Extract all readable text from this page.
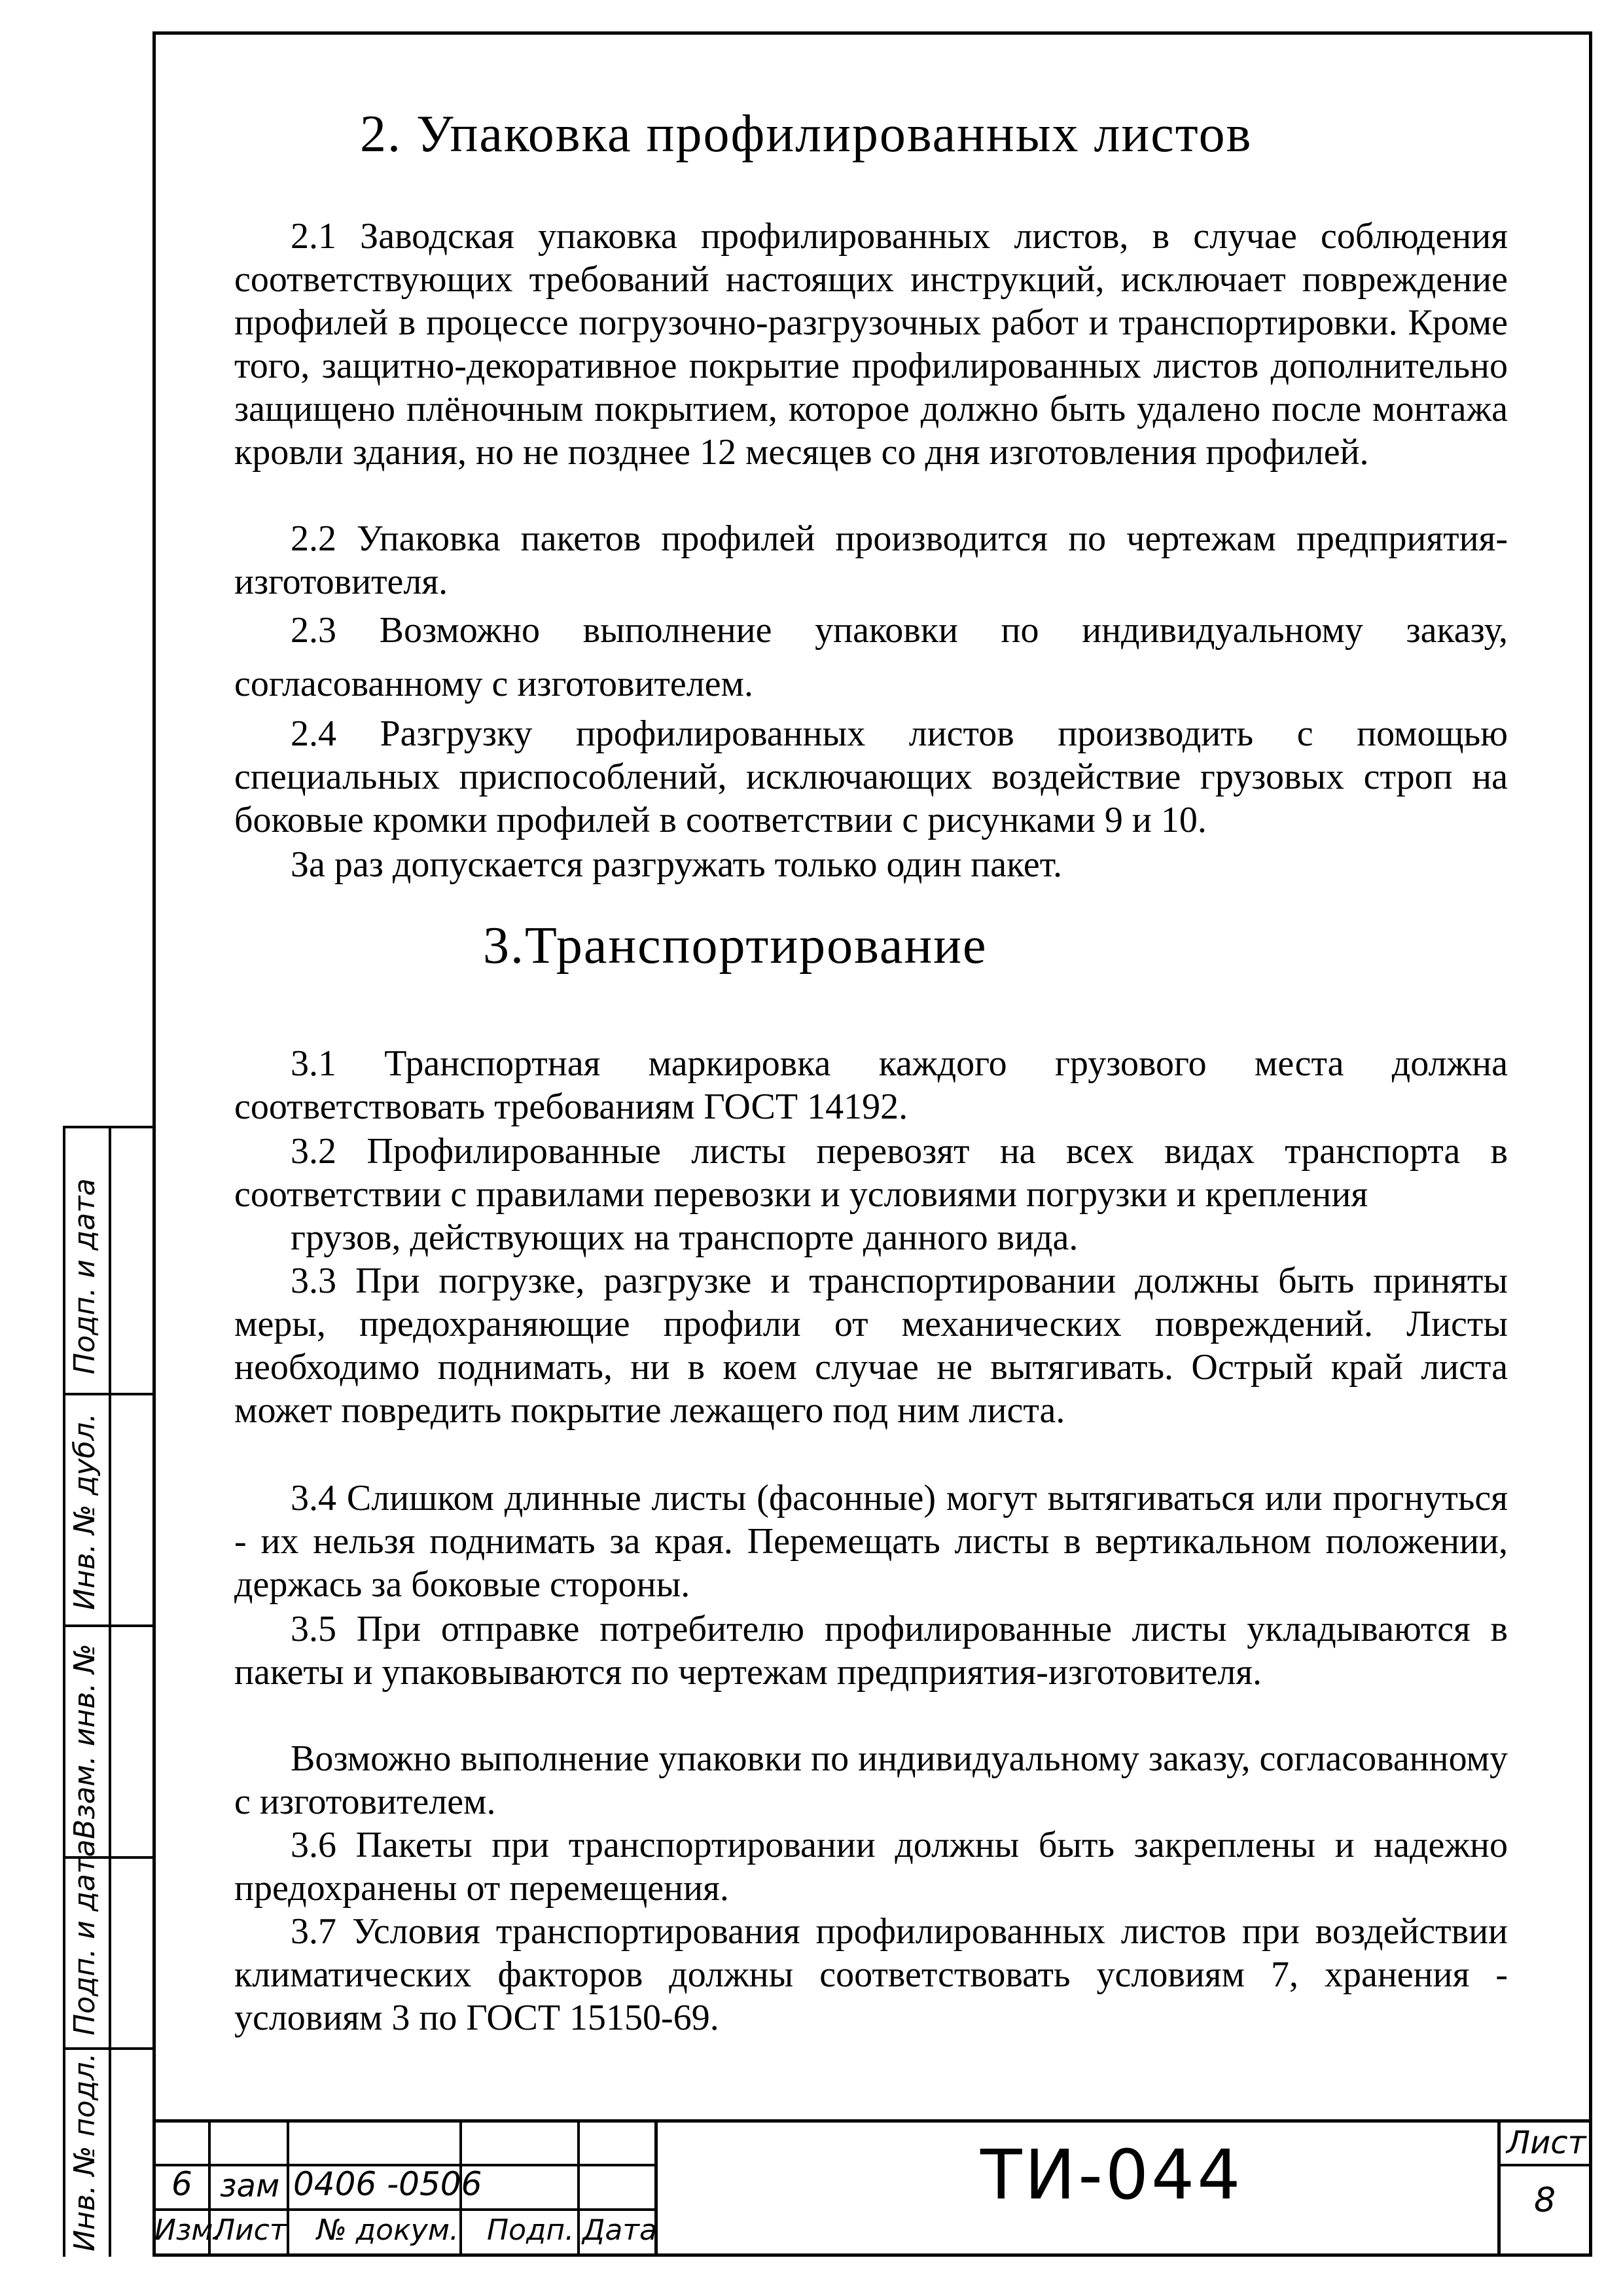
2. Упаковка профилированных листов
2.1 Заводская упаковка профилированных листов, в случае соблюдения соответствующих требований настоящих инструкций, исключает повреждение профилей в процессе погрузочно-разгрузочных работ и транспортировки. Кроме того, защитно-декоративное покрытие профилированных листов дополнительно защищено плёночным покрытием, которое должно быть удалено после монтажа кровли здания, но не позднее 12 месяцев со дня изготовления профилей.
2.2 Упаковка пакетов профилей производится по чертежам предприятия-изготовителя.
2.3 Возможно выполнение упаковки по индивидуальному заказу, согласованному с изготовителем.
2.4 Разгрузку профилированных листов производить с помощью специальных приспособлений, исключающих воздействие грузовых строп на боковые кромки профилей в соответствии с рисунками 9 и 10.
За раз допускается разгружать только один пакет.
3.Транспортирование
3.1 Транспортная маркировка каждого грузового места должна соответствовать требованиям ГОСТ 14192.
3.2 Профилированные листы перевозят на всех видах транспорта в соответствии с правилами перевозки и условиями погрузки и крепления
грузов, действующих на транспорте данного вида.
3.3 При погрузке, разгрузке и транспортировании должны быть приняты меры, предохраняющие профили от механических повреждений. Листы необходимо поднимать, ни в коем случае не вытягивать. Острый край листа может повредить покрытие лежащего под ним листа.
3.4 Слишком длинные листы (фасонные) могут вытягиваться или прогнуться - их нельзя поднимать за края. Перемещать листы в вертикальном положении, держась за боковые стороны.
3.5 При отправке потребителю профилированные листы укладываются в пакеты и упаковываются по чертежам предприятия-изготовителя.
Возможно выполнение упаковки по индивидуальному заказу, согласованному с изготовителем.
3.6 Пакеты при транспортировании должны быть закреплены и надежно предохранены от перемещения.
3.7 Условия транспортирования профилированных листов при воздействии климатических факторов должны соответствовать условиям 7, хранения - условиям 3 по ГОСТ 15150-69.
Подп. и дата
Инв. № дубл.
Взам. инв. №
Подп. и дата
Инв. № подл. 6 зам 0406 -0506
Изм.
Лист № докум. Подп. Дата
ТИ-044	Лист
8
